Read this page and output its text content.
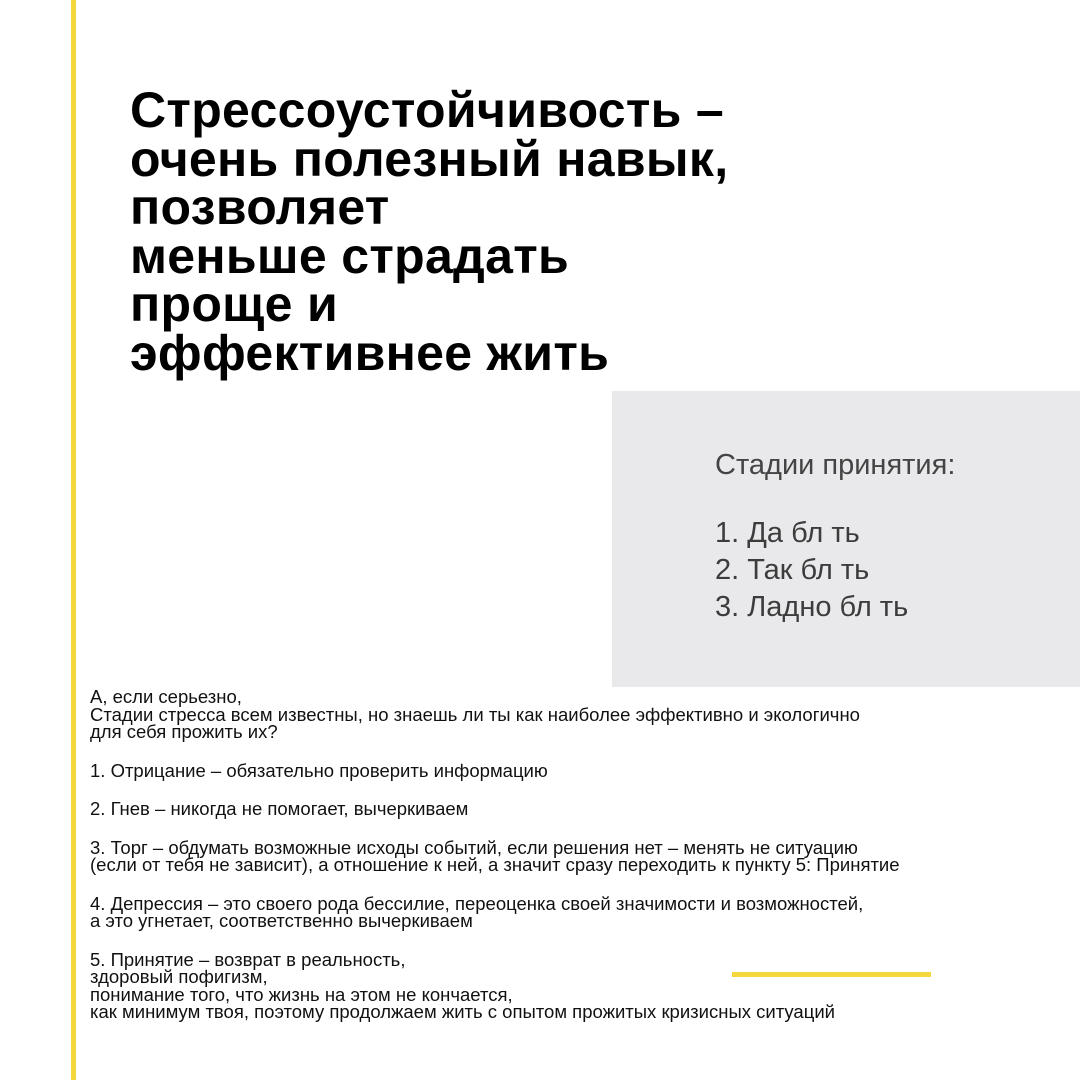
Стрессоустойчивость –
очень полезный навык,
позволяет
меньше страдать
проще и
эффективнее жить
Стадии принятия:
1. Да бл ть
2. Так бл ть
3. Ладно бл ть

А, если серьезно,
Стадии стресса всем известны, но знаешь ли ты как наиболее эффективно и экологично
для себя прожить их?

1. Отрицание – обязательно проверить информацию

2. Гнев – никогда не помогает, вычеркиваем

3. Торг – обдумать возможные исходы событий, если решения нет – менять не ситуацию
(если от тебя не зависит), а отношение к ней, а значит сразу переходить к пункту 5: Принятие

4. Депрессия – это своего рода бессилие, переоценка своей значимости и возможностей,
а это угнетает, соответственно вычеркиваем

5. Принятие – возврат в реальность,
здоровый пофигизм,
понимание того, что жизнь на этом не кончается,
как минимум твоя, поэтому продолжаем жить с опытом прожитых кризисных ситуаций
